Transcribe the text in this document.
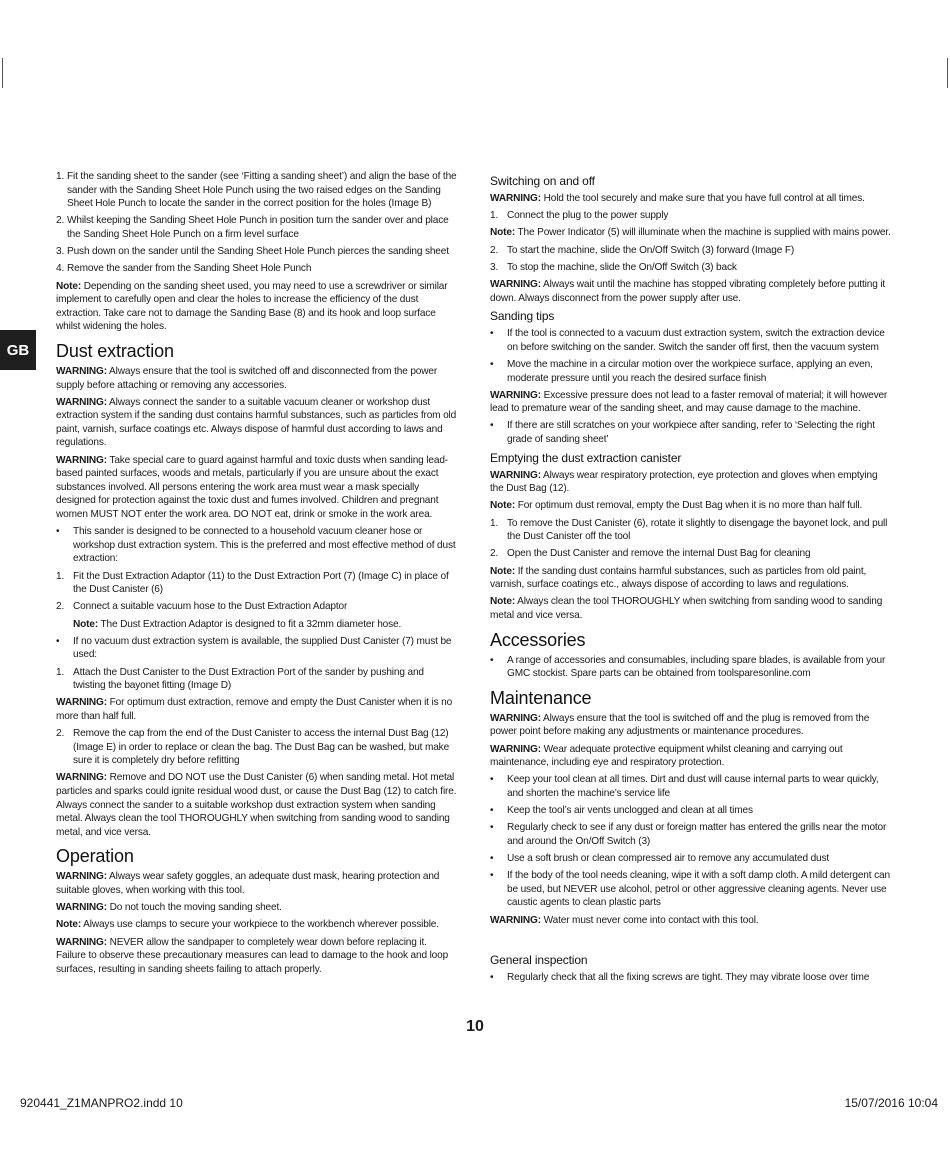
GB
1. Fit the sanding sheet to the sander (see ‘Fitting a sanding sheet’) and align the base of the sander with the Sanding Sheet Hole Punch using the two raised edges on the Sanding Sheet Hole Punch to locate the sander in the correct position for the holes (Image B)
2. Whilst keeping the Sanding Sheet Hole Punch in position turn the sander over and place the Sanding Sheet Hole Punch on a firm level surface
3. Push down on the sander until the Sanding Sheet Hole Punch pierces the sanding sheet
4. Remove the sander from the Sanding Sheet Hole Punch
Note: Depending on the sanding sheet used, you may need to use a screwdriver or similar implement to carefully open and clear the holes to increase the efficiency of the dust extraction. Take care not to damage the Sanding Base (8) and its hook and loop surface whilst widening the holes.
Dust extraction
WARNING: Always ensure that the tool is switched off and disconnected from the power supply before attaching or removing any accessories.
WARNING: Always connect the sander to a suitable vacuum cleaner or workshop dust extraction system if the sanding dust contains harmful substances, such as particles from old paint, varnish, surface coatings etc. Always dispose of harmful dust according to laws and regulations.
WARNING: Take special care to guard against harmful and toxic dusts when sanding lead-based painted surfaces, woods and metals, particularly if you are unsure about the exact substances involved. All persons entering the work area must wear a mask specially designed for protection against the toxic dust and fumes involved. Children and pregnant women MUST NOT enter the work area. DO NOT eat, drink or smoke in the work area.
• This sander is designed to be connected to a household vacuum cleaner hose or workshop dust extraction system. This is the preferred and most effective method of dust extraction:
1. Fit the Dust Extraction Adaptor (11) to the Dust Extraction Port (7) (Image C) in place of the Dust Canister (6)
2. Connect a suitable vacuum hose to the Dust Extraction Adaptor
Note: The Dust Extraction Adaptor is designed to fit a 32mm diameter hose.
• If no vacuum dust extraction system is available, the supplied Dust Canister (7) must be used:
1. Attach the Dust Canister to the Dust Extraction Port of the sander by pushing and twisting the bayonet fitting (Image D)
WARNING: For optimum dust extraction, remove and empty the Dust Canister when it is no more than half full.
2. Remove the cap from the end of the Dust Canister to access the internal Dust Bag (12) (Image E) in order to replace or clean the bag. The Dust Bag can be washed, but make sure it is completely dry before refitting
WARNING: Remove and DO NOT use the Dust Canister (6) when sanding metal. Hot metal particles and sparks could ignite residual wood dust, or cause the Dust Bag (12) to catch fire. Always connect the sander to a suitable workshop dust extraction system when sanding metal. Always clean the tool THOROUGHLY when switching from sanding wood to sanding metal, and vice versa.
Operation
WARNING: Always wear safety goggles, an adequate dust mask, hearing protection and suitable gloves, when working with this tool.
WARNING: Do not touch the moving sanding sheet.
Note: Always use clamps to secure your workpiece to the workbench wherever possible.
WARNING: NEVER allow the sandpaper to completely wear down before replacing it. Failure to observe these precautionary measures can lead to damage to the hook and loop surfaces, resulting in sanding sheets failing to attach properly.
Switching on and off
WARNING: Hold the tool securely and make sure that you have full control at all times.
1. Connect the plug to the power supply
Note: The Power Indicator (5) will illuminate when the machine is supplied with mains power.
2. To start the machine, slide the On/Off Switch (3) forward (Image F)
3. To stop the machine, slide the On/Off Switch (3) back
WARNING: Always wait until the machine has stopped vibrating completely before putting it down. Always disconnect from the power supply after use.
Sanding tips
• If the tool is connected to a vacuum dust extraction system, switch the extraction device on before switching on the sander. Switch the sander off first, then the vacuum system
• Move the machine in a circular motion over the workpiece surface, applying an even, moderate pressure until you reach the desired surface finish
WARNING: Excessive pressure does not lead to a faster removal of material; it will however lead to premature wear of the sanding sheet, and may cause damage to the machine.
• If there are still scratches on your workpiece after sanding, refer to ‘Selecting the right grade of sanding sheet’
Emptying the dust extraction canister
WARNING: Always wear respiratory protection, eye protection and gloves when emptying the Dust Bag (12).
Note: For optimum dust removal, empty the Dust Bag when it is no more than half full.
1. To remove the Dust Canister (6), rotate it slightly to disengage the bayonet lock, and pull the Dust Canister off the tool
2. Open the Dust Canister and remove the internal Dust Bag for cleaning
Note: If the sanding dust contains harmful substances, such as particles from old paint, varnish, surface coatings etc., always dispose of according to laws and regulations.
Note: Always clean the tool THOROUGHLY when switching from sanding wood to sanding metal and vice versa.
Accessories
• A range of accessories and consumables, including spare blades, is available from your GMC stockist. Spare parts can be obtained from toolsparesonline.com
Maintenance
WARNING: Always ensure that the tool is switched off and the plug is removed from the power point before making any adjustments or maintenance procedures.
WARNING: Wear adequate protective equipment whilst cleaning and carrying out maintenance, including eye and respiratory protection.
• Keep your tool clean at all times. Dirt and dust will cause internal parts to wear quickly, and shorten the machine’s service life
• Keep the tool’s air vents unclogged and clean at all times
• Regularly check to see if any dust or foreign matter has entered the grills near the motor and around the On/Off Switch (3)
• Use a soft brush or clean compressed air to remove any accumulated dust
• If the body of the tool needs cleaning, wipe it with a soft damp cloth. A mild detergent can be used, but NEVER use alcohol, petrol or other aggressive cleaning agents. Never use caustic agents to clean plastic parts
WARNING: Water must never come into contact with this tool.
General inspection
• Regularly check that all the fixing screws are tight. They may vibrate loose over time
10
920441_Z1MANPRO2.indd 10	15/07/2016 10:04
